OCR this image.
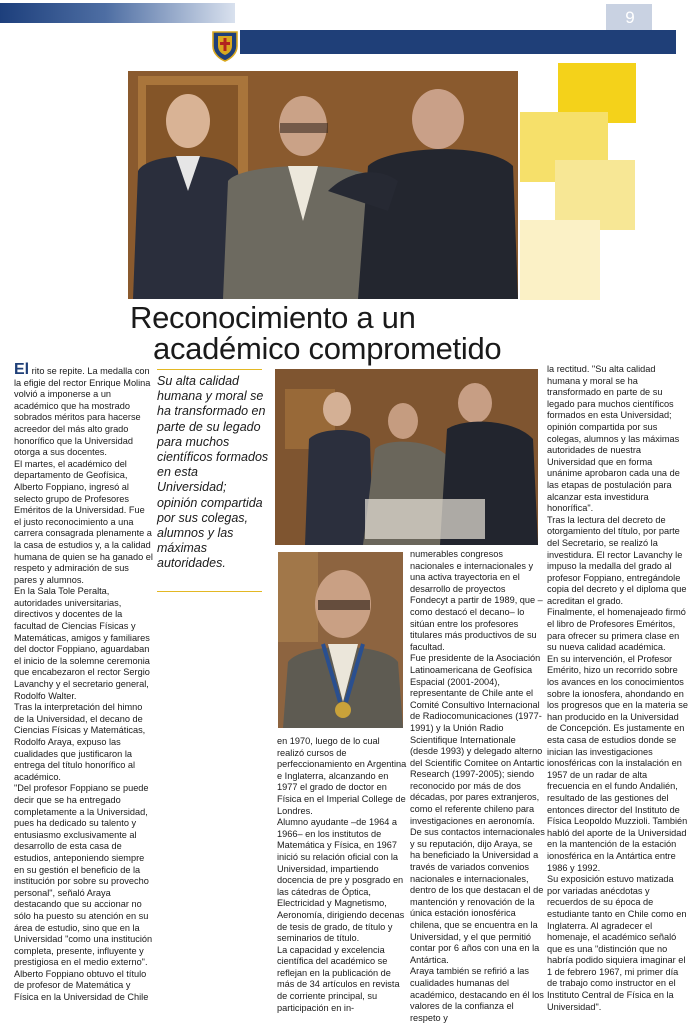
9
Reconocimiento a un
académico comprometido

El rito se repite. La medalla con la efigie del rector Enrique Molina volvió a imponerse a un académico que ha mostrado sobrados méritos para hacerse acreedor del más alto grado honorífico que la Universidad otorga a sus docentes.

El martes, el académico del departamento de Geofísica, Alberto Foppiano, ingresó al selecto grupo de Profesores Eméritos de la Universidad. Fue el justo reconocimiento a una carrera consagrada plenamente a la casa de estudios y, a la calidad humana de quien se ha ganado el respeto y admiración de sus pares y alumnos.

En la Sala Tole Peralta, autoridades universitarias, directivos y docentes de la facultad de Ciencias Físicas y Matemáticas, amigos y familiares del doctor Foppiano, aguardaban el inicio de la solemne ceremonia que encabezaron el rector Sergio Lavanchy y el secretario general, Rodolfo Walter.

Tras la interpretación del himno de la Universidad, el decano de Ciencias Físicas y Matemáticas, Rodolfo Araya, expuso las cualidades que justificaron la entrega del título honorífico al académico.

"Del profesor Foppiano se puede decir que se ha entregado completamente a la Universidad, pues ha dedicado su talento y entusiasmo exclusivamente al desarrollo de esta casa de estudios, anteponiendo siempre en su gestión el beneficio de la institución por sobre su provecho personal", señaló Araya destacando que su accionar no sólo ha puesto su atención en su área de estudio, sino que en la Universidad "como una institución completa, presente, influyente y prestigiosa en el medio externo".

Alberto Foppiano obtuvo el título de profesor de Matemática y Física en la Universidad de Chile

Su alta calidad humana y moral se ha transformado en parte de su legado para muchos científicos formados en esta Universidad; opinión compartida por sus colegas, alumnos y las máximas autoridades.

en 1970, luego de lo cual realizó cursos de perfeccionamiento en Argentina e Inglaterra, alcanzando en 1977 el grado de doctor en Física en el Imperial College de Londres.

Alumno ayudante –de 1964 a 1966– en los institutos de Matemática y Física, en 1967 inició su relación oficial con la Universidad, impartiendo docencia de pre y posgrado en las cátedras de Óptica, Electricidad y Magnetismo, Aeronomía, dirigiendo decenas de tesis de grado, de título y seminarios de título.

La capacidad y excelencia científica del académico se reflejan en la publicación de más de 34 artículos en revista de corriente principal, su participación en in-

numerables congresos nacionales e internacionales y una activa trayectoria en el desarrollo de proyectos Fondecyt a partir de 1989, que –como destacó el decano– lo sitúan entre los profesores titulares más productivos de su facultad.

Fue presidente de la Asociación Latinoamericana de Geofísica Espacial (2001-2004), representante de Chile ante el Comité Consultivo Internacional de Radiocomunicaciones (1977-1991) y la Unión Radio Scientifique Internationale (desde 1993) y delegado alterno del Scientific Comitee on Antartic Research (1997-2005); siendo reconocido por más de dos décadas, por pares extranjeros, como el referente chileno para investigaciones en aeronomía.

De sus contactos internacionales y su reputación, dijo Araya, se ha beneficiado la Universidad a través de variados convenios nacionales e internacionales, dentro de los que destacan el de mantención y renovación de la única estación ionosférica chilena, que se encuentra en la Universidad, y el que permitió contar por 6 años con una en la Antártica.

Araya también se refirió a las cualidades humanas del académico, destacando en él los valores de la confianza el respeto y

la rectitud. "Su alta calidad humana y moral se ha transformado en parte de su legado para muchos científicos formados en esta Universidad; opinión compartida por sus colegas, alumnos y las máximas autoridades de nuestra Universidad que en forma unánime aprobaron cada una de las etapas de postulación para alcanzar esta investidura honorífica".

Tras la lectura del decreto de otorgamiento del título, por parte del Secretario, se realizó la investidura. El rector Lavanchy le impuso la medalla del grado al profesor Foppiano, entregándole copia del decreto y el diploma que acreditan el grado.

Finalmente, el homenajeado firmó el libro de Profesores Eméritos, para ofrecer su primera clase en su nueva calidad académica.

En su intervención, el Profesor Emérito, hizo un recorrido sobre los avances en los conocimientos sobre la ionosfera, ahondando en los progresos que en la materia se han producido en la Universidad de Concepción. Es justamente en esta casa de estudios donde se inician las investigaciones ionosféricas con la instalación en 1957 de un radar de alta frecuencia en el fundo Andalién, resultado de las gestiones del entonces director del Instituto de Física Leopoldo Muzzioli. También habló del aporte de la Universidad en la mantención de la estación ionosférica en la Antártica entre 1986 y 1992.

Su exposición estuvo matizada por variadas anécdotas y recuerdos de su época de estudiante tanto en Chile como en Inglaterra. Al agradecer el homenaje, el académico señaló que es una "distinción que no habría podido siquiera imaginar el 1 de febrero 1967, mi primer día de trabajo como instructor en el Instituto Central de Física en la Universidad".
